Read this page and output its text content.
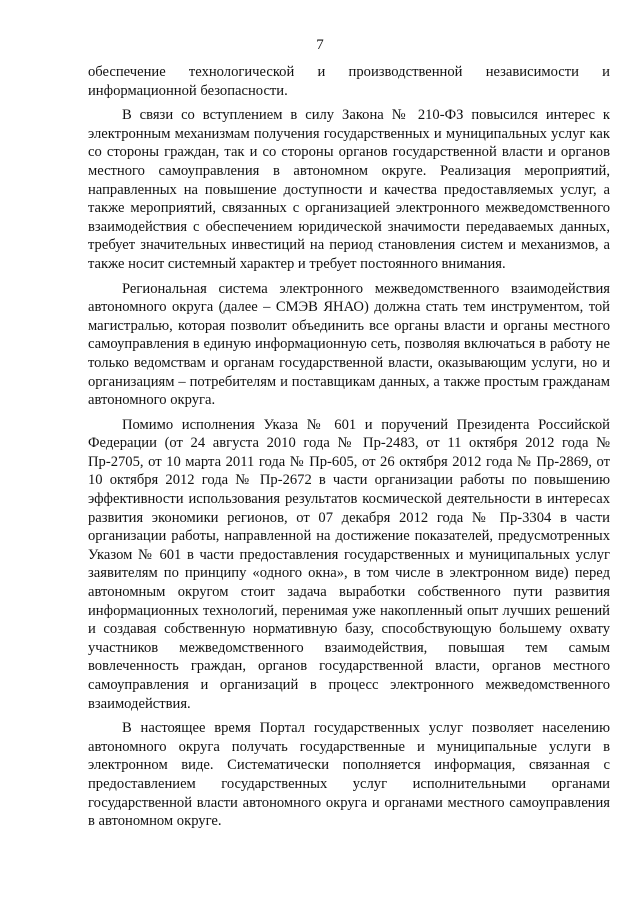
7

обеспечение технологической и производственной независимости и информационной безопасности.

В связи со вступлением в силу Закона № 210-ФЗ повысился интерес к электронным механизмам получения государственных и муниципальных услуг как со стороны граждан, так и со стороны органов государственной власти и органов местного самоуправления в автономном округе. Реализация мероприятий, направленных на повышение доступности и качества предоставляемых услуг, а также мероприятий, связанных с организацией электронного межведомственного взаимодействия с обеспечением юридической значимости передаваемых данных, требует значительных инвестиций на период становления систем и механизмов, а также носит системный характер и требует постоянного внимания.

Региональная система электронного межведомственного взаимодействия автономного округа (далее – СМЭВ ЯНАО) должна стать тем инструментом, той магистралью, которая позволит объединить все органы власти и органы местного самоуправления в единую информационную сеть, позволяя включаться в работу не только ведомствам и органам государственной власти, оказывающим услуги, но и организациям – потребителям и поставщикам данных, а также простым гражданам автономного округа.

Помимо исполнения Указа № 601 и поручений Президента Российской Федерации (от 24 августа 2010 года № Пр-2483, от 11 октября 2012 года № Пр-2705, от 10 марта 2011 года № Пр-605, от 26 октября 2012 года № Пр-2869, от 10 октября 2012 года № Пр-2672 в части организации работы по повышению эффективности использования результатов космической деятельности в интересах развития экономики регионов, от 07 декабря 2012 года № Пр-3304 в части организации работы, направленной на достижение показателей, предусмотренных Указом № 601 в части предоставления государственных и муниципальных услуг заявителям по принципу «одного окна», в том числе в электронном виде) перед автономным округом стоит задача выработки собственного пути развития информационных технологий, перенимая уже накопленный опыт лучших решений и создавая собственную нормативную базу, способствующую большему охвату участников межведомственного взаимодействия, повышая тем самым вовлеченность граждан, органов государственной власти, органов местного самоуправления и организаций в процесс электронного межведомственного взаимодействия.

В настоящее время Портал государственных услуг позволяет населению автономного округа получать государственные и муниципальные услуги в электронном виде. Систематически пополняется информация, связанная с предоставлением государственных услуг исполнительными органами государственной власти автономного округа и органами местного самоуправления в автономном округе.
